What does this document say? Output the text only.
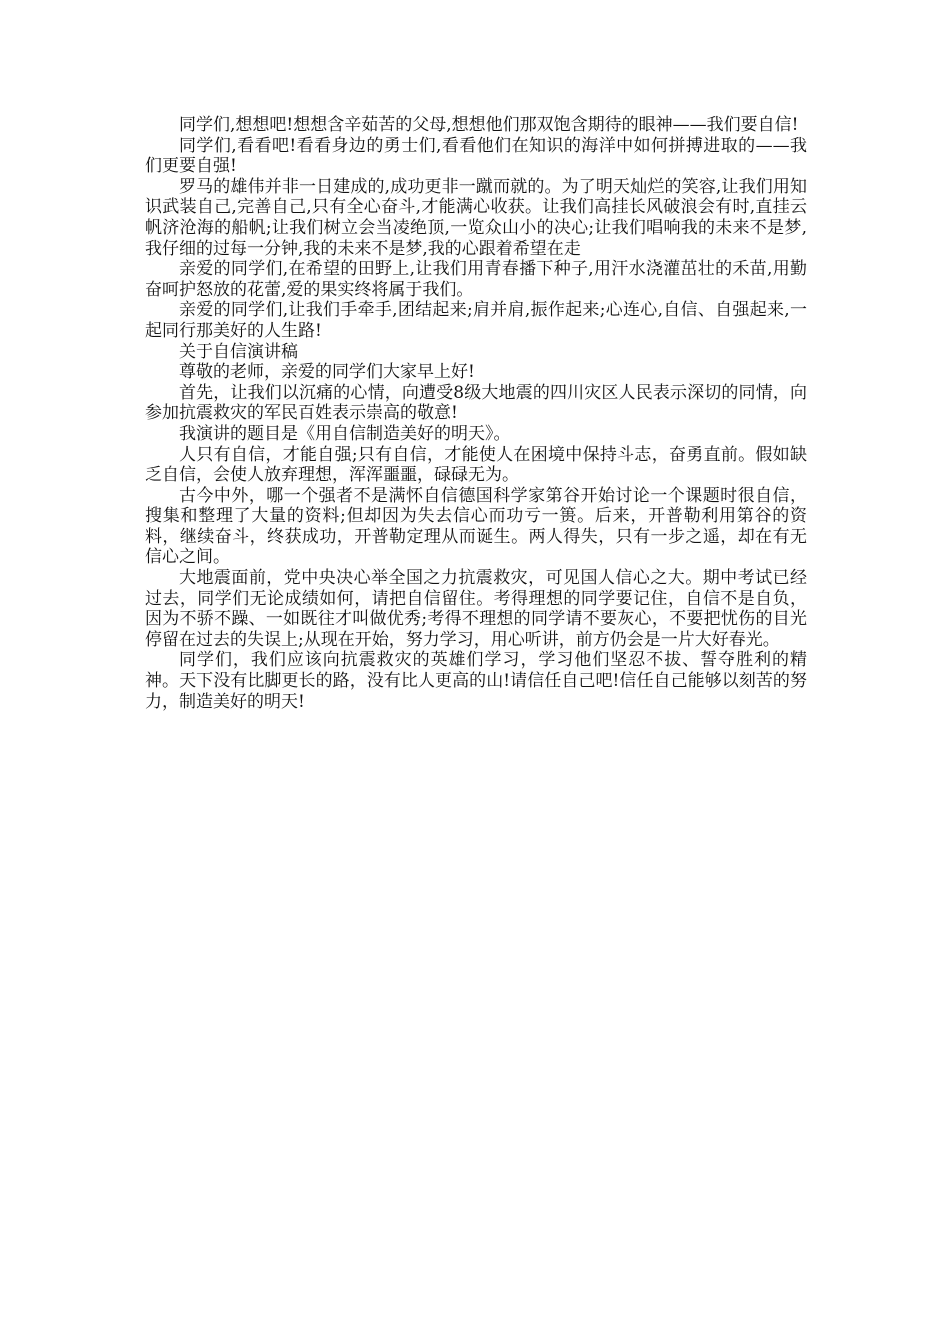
同学们,想想吧!想想含辛茹苦的父母,想想他们那双饱含期待的眼神——我们要自信!

同学们,看看吧!看看身边的勇士们,看看他们在知识的海洋中如何拼搏进取的——我们更要自强!

罗马的雄伟并非一日建成的,成功更非一蹴而就的。为了明天灿烂的笑容,让我们用知识武装自己,完善自己,只有全心奋斗,才能满心收获。让我们高挂长风破浪会有时,直挂云帆济沧海的船帆;让我们树立会当凌绝顶,一览众山小的决心;让我们唱响我的未来不是梦,我仔细的过每一分钟,我的未来不是梦,我的心跟着希望在走

亲爱的同学们,在希望的田野上,让我们用青春播下种子,用汗水浇灌茁壮的禾苗,用勤奋呵护怒放的花蕾,爱的果实终将属于我们。

亲爱的同学们,让我们手牵手,团结起来;肩并肩,振作起来;心连心,自信、自强起来,一起同行那美好的人生路!

关于自信演讲稿

尊敬的老师，亲爱的同学们大家早上好!

首先，让我们以沉痛的心情，向遭受8级大地震的四川灾区人民表示深切的同情，向参加抗震救灾的军民百姓表示崇高的敬意!

我演讲的题目是《用自信制造美好的明天》。

人只有自信，才能自强;只有自信，才能使人在困境中保持斗志，奋勇直前。假如缺乏自信，会使人放弃理想，浑浑噩噩，碌碌无为。

古今中外，哪一个强者不是满怀自信德国科学家第谷开始讨论一个课题时很自信，搜集和整理了大量的资料;但却因为失去信心而功亏一篑。后来，开普勒利用第谷的资料，继续奋斗，终获成功，开普勒定理从而诞生。两人得失，只有一步之遥，却在有无信心之间。

大地震面前，党中央决心举全国之力抗震救灾，可见国人信心之大。期中考试已经过去，同学们无论成绩如何，请把自信留住。考得理想的同学要记住，自信不是自负，因为不骄不躁、一如既往才叫做优秀;考得不理想的同学请不要灰心，不要把忧伤的目光停留在过去的失误上;从现在开始，努力学习，用心听讲，前方仍会是一片大好春光。

同学们，我们应该向抗震救灾的英雄们学习，学习他们坚忍不拔、誓夺胜利的精神。天下没有比脚更长的路，没有比人更高的山!请信任自己吧!信任自己能够以刻苦的努力，制造美好的明天!
